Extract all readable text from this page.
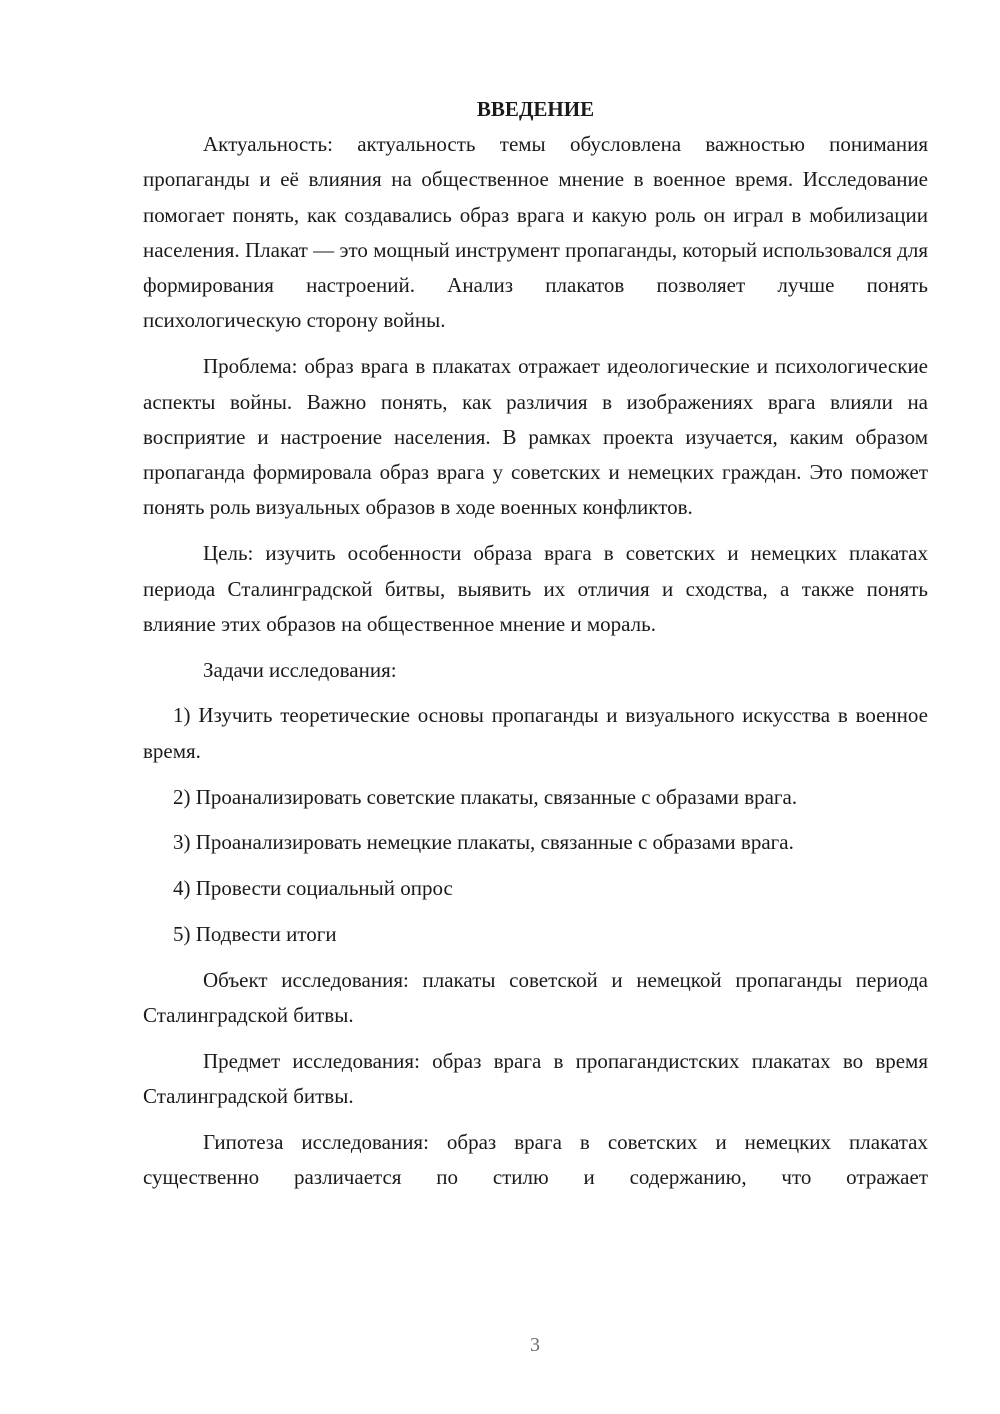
ВВЕДЕНИЕ

Актуальность: актуальность темы обусловлена важностью понимания пропаганды и её влияния на общественное мнение в военное время. Исследование помогает понять, как создавались образ врага и какую роль он играл в мобилизации населения. Плакат — это мощный инструмент пропаганды, который использовался для формирования настроений. Анализ плакатов позволяет лучше понять психологическую сторону войны.

Проблема: образ врага в плакатах отражает идеологические и психологические аспекты войны. Важно понять, как различия в изображениях врага влияли на восприятие и настроение населения. В рамках проекта изучается, каким образом пропаганда формировала образ врага у советских и немецких граждан. Это поможет понять роль визуальных образов в ходе военных конфликтов.

Цель: изучить особенности образа врага в советских и немецких плакатах периода Сталинградской битвы, выявить их отличия и сходства, а также понять влияние этих образов на общественное мнение и мораль.

Задачи исследования:

1) Изучить теоретические основы пропаганды и визуального искусства в военное время.

2) Проанализировать советские плакаты, связанные с образами врага.

3) Проанализировать немецкие плакаты, связанные с образами врага.

4) Провести социальный опрос

5) Подвести итоги

Объект исследования: плакаты советской и немецкой пропаганды периода Сталинградской битвы.

Предмет исследования: образ врага в пропагандистских плакатах во время Сталинградской битвы.

Гипотеза исследования: образ врага в советских и немецких плакатах существенно различается по стилю и содержанию, что отражает

3
